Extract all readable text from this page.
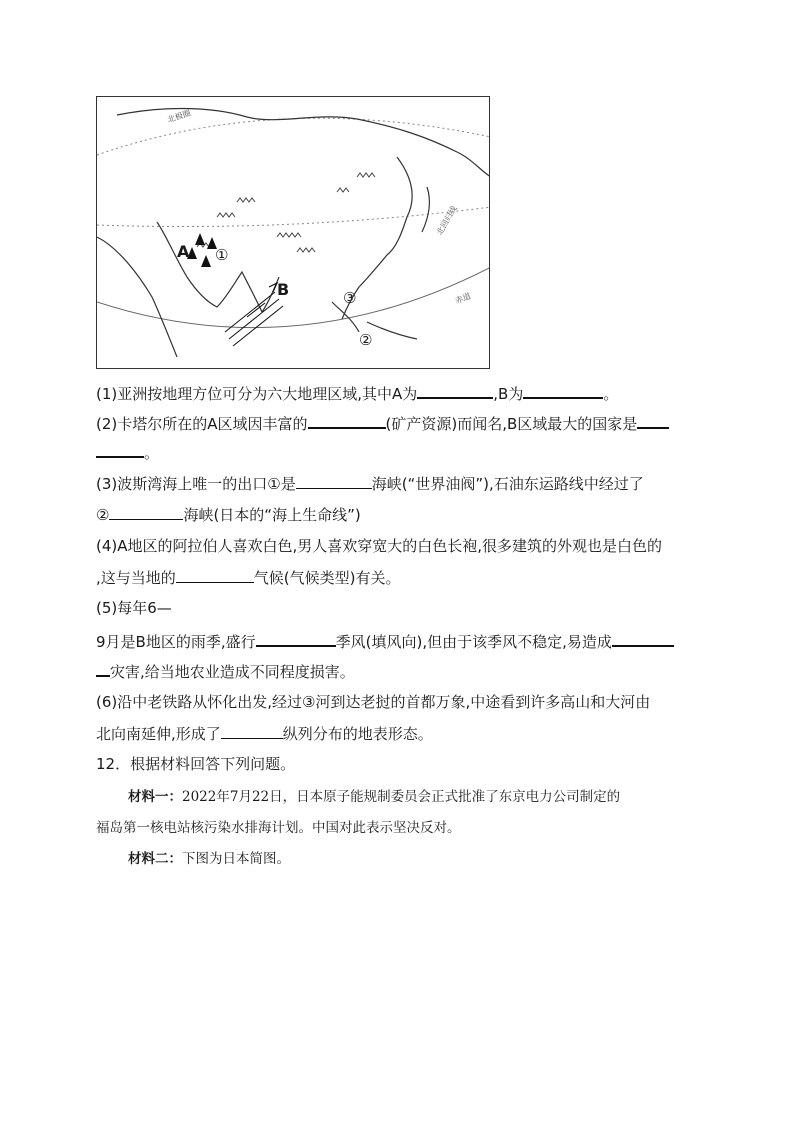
A
B
①
③
②
北极圈
北回归线
赤道
(1)亚洲按地理方位可分为六大地理区域,其中A为	,B为	。
(2)卡塔尔所在的A区域因丰富的	(矿产资源)而闻名,B区域最大的国家是
。
(3)波斯湾海上唯一的出口①是	海峡(“世界油阀”),石油东运路线中经过了
②	海峡(日本的“海上生命线”)
(4)A地区的阿拉伯人喜欢白色,男人喜欢穿宽大的白色长袍,很多建筑的外观也是白色的
,这与当地的	气候(气候类型)有关。
(5)每年6—
9月是B地区的雨季,盛行	季风(填风向),但由于该季风不稳定,易造成
灾害,给当地农业造成不同程度损害。
(6)沿中老铁路从怀化出发,经过③河到达老挝的首都万象,中途看到许多高山和大河由
北向南延伸,形成了	纵列分布的地表形态。
12．根据材料回答下列问题。
材料一：2022年7月22日，日本原子能规制委员会正式批准了东京电力公司制定的
福岛第一核电站核污染水排海计划。中国对此表示坚决反对。
材料二：下图为日本简图。
